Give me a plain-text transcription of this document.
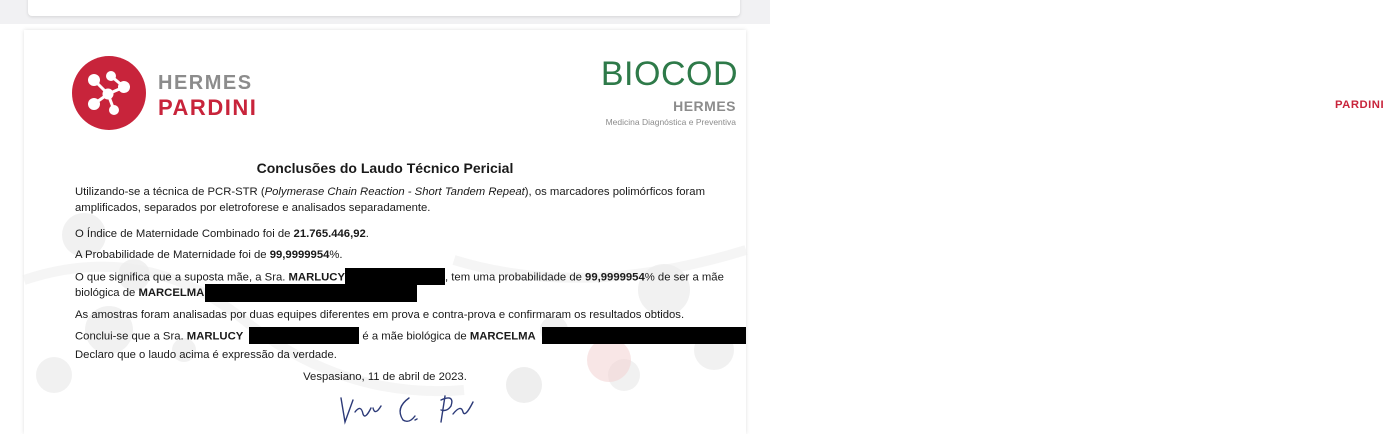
HERMES
PARDINI
BIOCOD
HERMES	PARDINI
Medicina Diagnóstica e Preventiva
Conclusões do Laudo Técnico Pericial
Utilizando-se a técnica de PCR-STR (Polymerase Chain Reaction - Short Tandem Repeat), os marcadores polimórficos foram
amplificados, separados por eletroforese e analisados separadamente.
O Índice de Maternidade Combinado foi de 21.765.446,92.
A Probabilidade de Maternidade foi de 99,9999954%.
O que significa que a suposta mãe, a Sra. MARLUCY	, tem uma probabilidade de 99,9999954% de ser a mãe
biológica de MARCELMA
As amostras foram analisadas por duas equipes diferentes em prova e contra-prova e confirmaram os resultados obtidos.
Conclui-se que a Sra. MARLUCY	é a mãe biológica de MARCELMA
Declaro que o laudo acima é expressão da verdade.
Vespasiano, 11 de abril de 2023.
